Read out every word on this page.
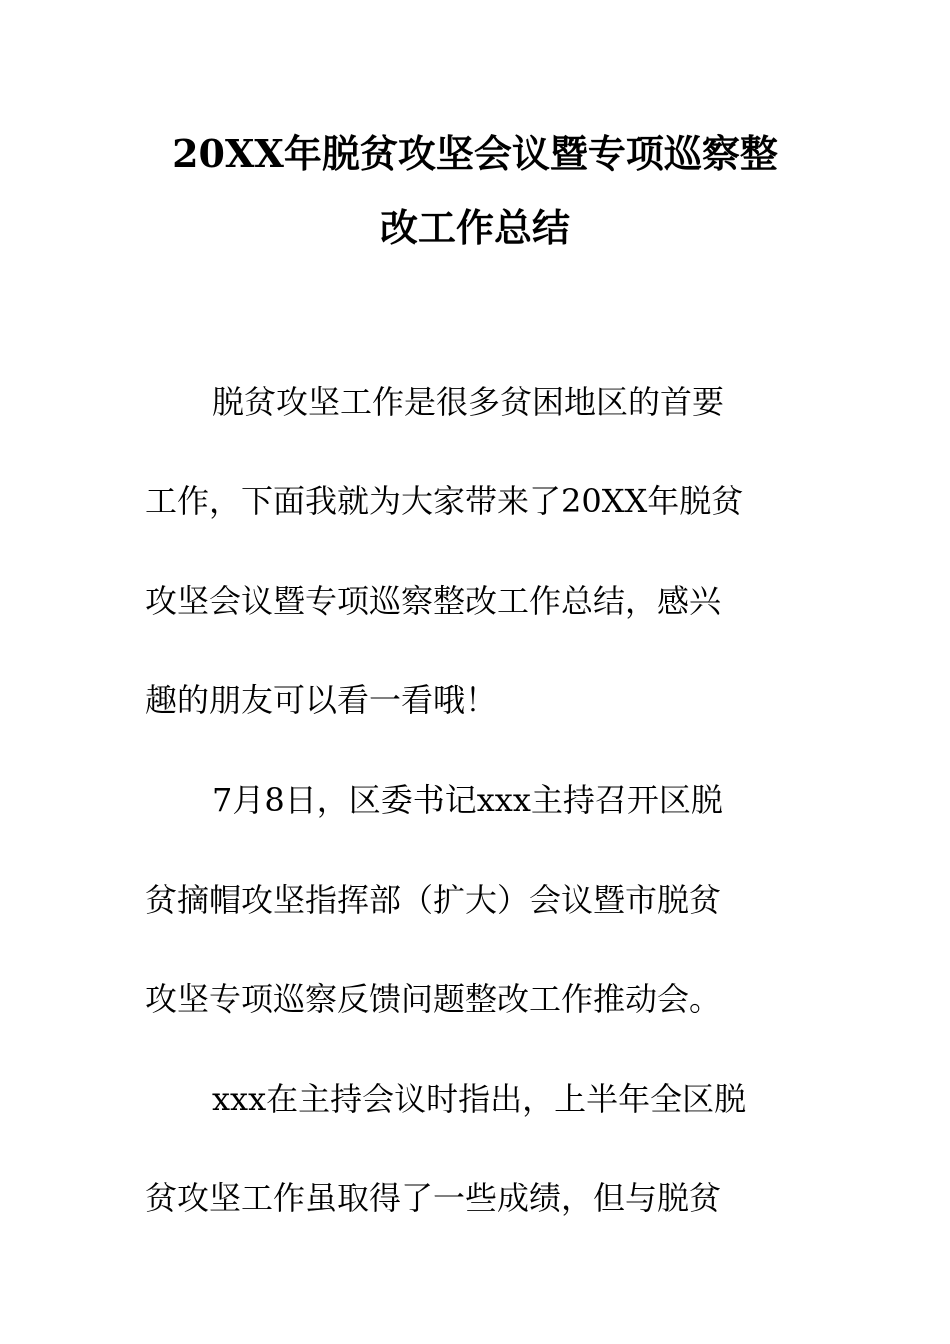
20XX年脱贫攻坚会议暨专项巡察整
改工作总结
脱贫攻坚工作是很多贫困地区的首要
工作，下面我就为大家带来了20XX年脱贫
攻坚会议暨专项巡察整改工作总结，感兴
趣的朋友可以看一看哦！
7月8日，区委书记xxx主持召开区脱
贫摘帽攻坚指挥部（扩大）会议暨市脱贫
攻坚专项巡察反馈问题整改工作推动会。
xxx在主持会议时指出，上半年全区脱
贫攻坚工作虽取得了一些成绩，但与脱贫
